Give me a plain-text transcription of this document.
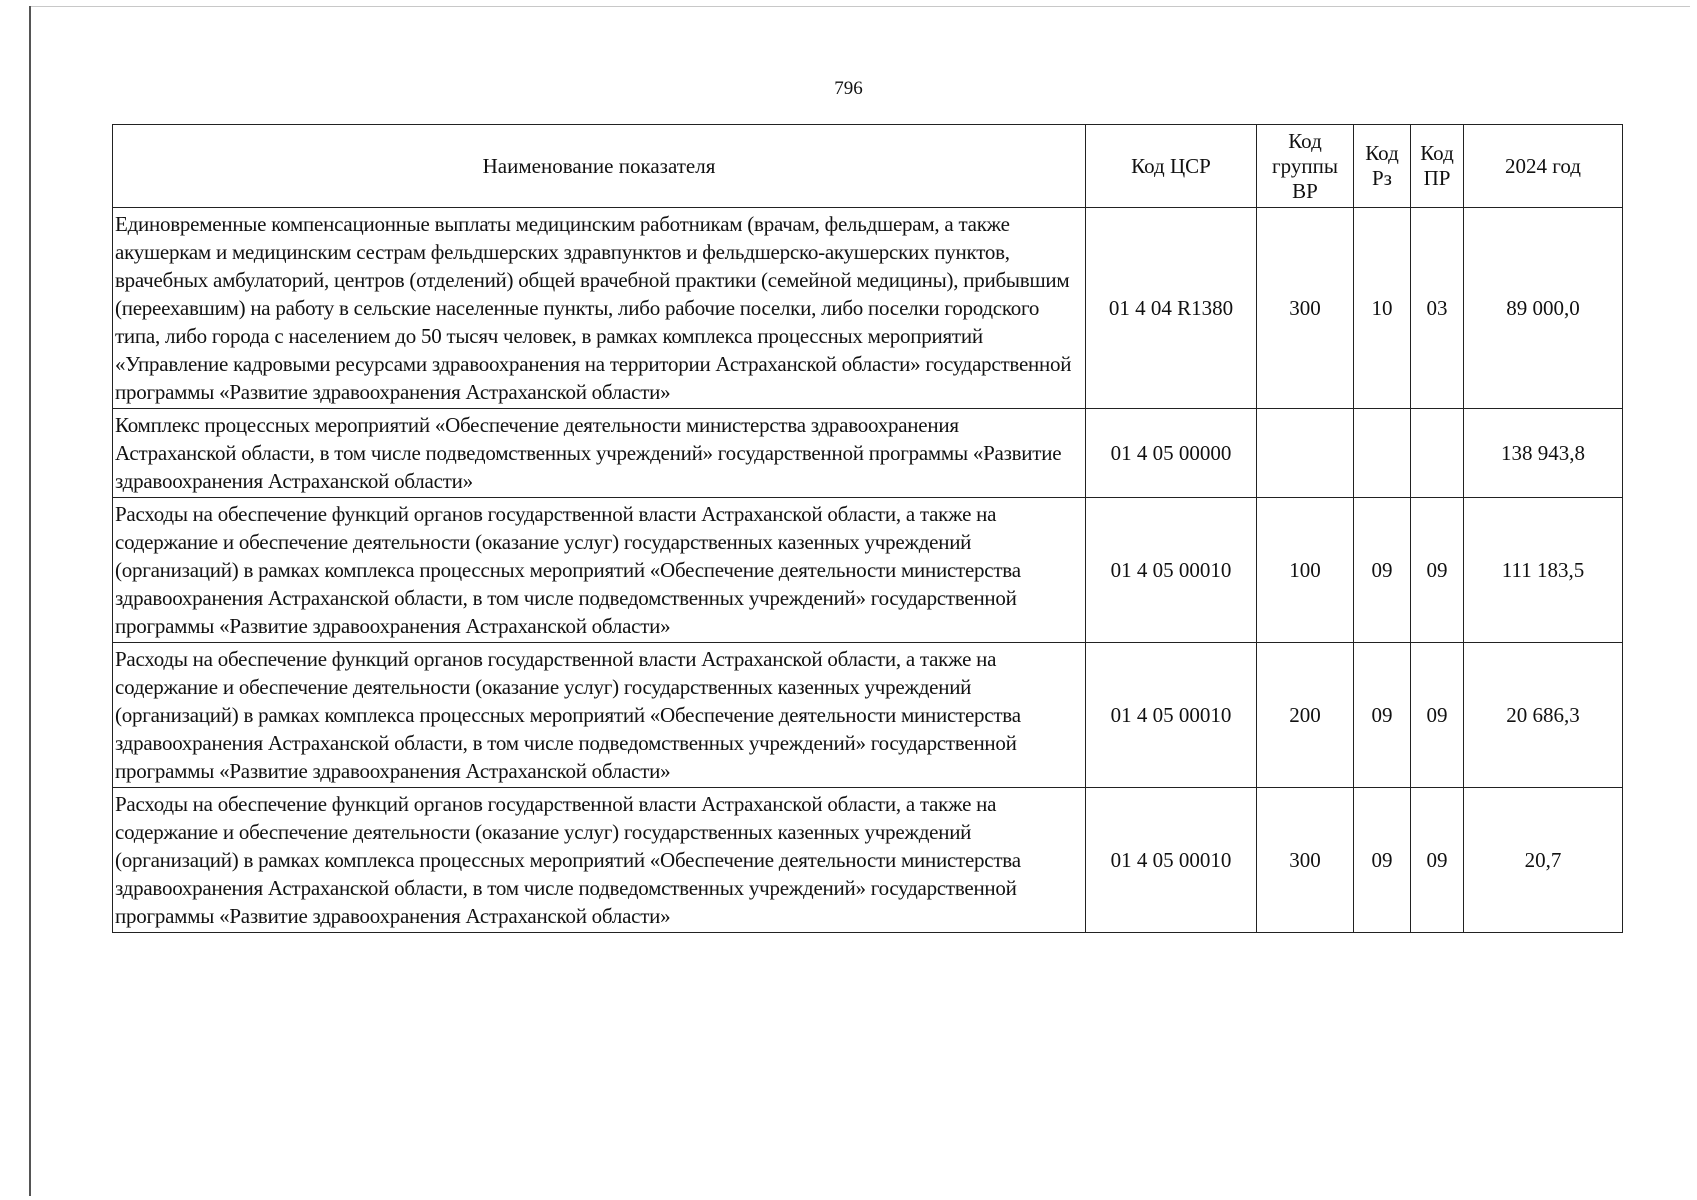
796
Наименование показателя	Код ЦСР	Код группы ВР	Код Рз	Код ПР	2024 год
Единовременные компенсационные выплаты медицинским работникам (врачам, фельдшерам, а также акушеркам и медицинским сестрам фельдшерских здравпунктов и фельдшерско-акушерских пунктов, врачебных амбулаторий, центров (отделений) общей врачебной практики (семейной медицины), прибывшим (переехавшим) на работу в сельские населенные пункты, либо рабочие поселки, либо поселки городского типа, либо города с населением до 50 тысяч человек, в рамках комплекса процессных мероприятий «Управление кадровыми ресурсами здравоохранения на территории Астраханской области» государственной программы «Развитие здравоохранения Астраханской области»	01 4 04 R1380	300	10	03	89 000,0
Комплекс процессных мероприятий «Обеспечение деятельности министерства здравоохранения Астраханской области, в том числе подведомственных учреждений» государственной программы «Развитие здравоохранения Астраханской области»	01 4 05 00000				138 943,8
Расходы на обеспечение функций органов государственной власти Астраханской области, а также на содержание и обеспечение деятельности (оказание услуг) государственных казенных учреждений (организаций) в рамках комплекса процессных мероприятий «Обеспечение деятельности министерства здравоохранения Астраханской области, в том числе подведомственных учреждений» государственной программы «Развитие здравоохранения Астраханской области»	01 4 05 00010	100	09	09	111 183,5
Расходы на обеспечение функций органов государственной власти Астраханской области, а также на содержание и обеспечение деятельности (оказание услуг) государственных казенных учреждений (организаций) в рамках комплекса процессных мероприятий «Обеспечение деятельности министерства здравоохранения Астраханской области, в том числе подведомственных учреждений» государственной программы «Развитие здравоохранения Астраханской области»	01 4 05 00010	200	09	09	20 686,3
Расходы на обеспечение функций органов государственной власти Астраханской области, а также на содержание и обеспечение деятельности (оказание услуг) государственных казенных учреждений (организаций) в рамках комплекса процессных мероприятий «Обеспечение деятельности министерства здравоохранения Астраханской области, в том числе подведомственных учреждений» государственной программы «Развитие здравоохранения Астраханской области»	01 4 05 00010	300	09	09	20,7
